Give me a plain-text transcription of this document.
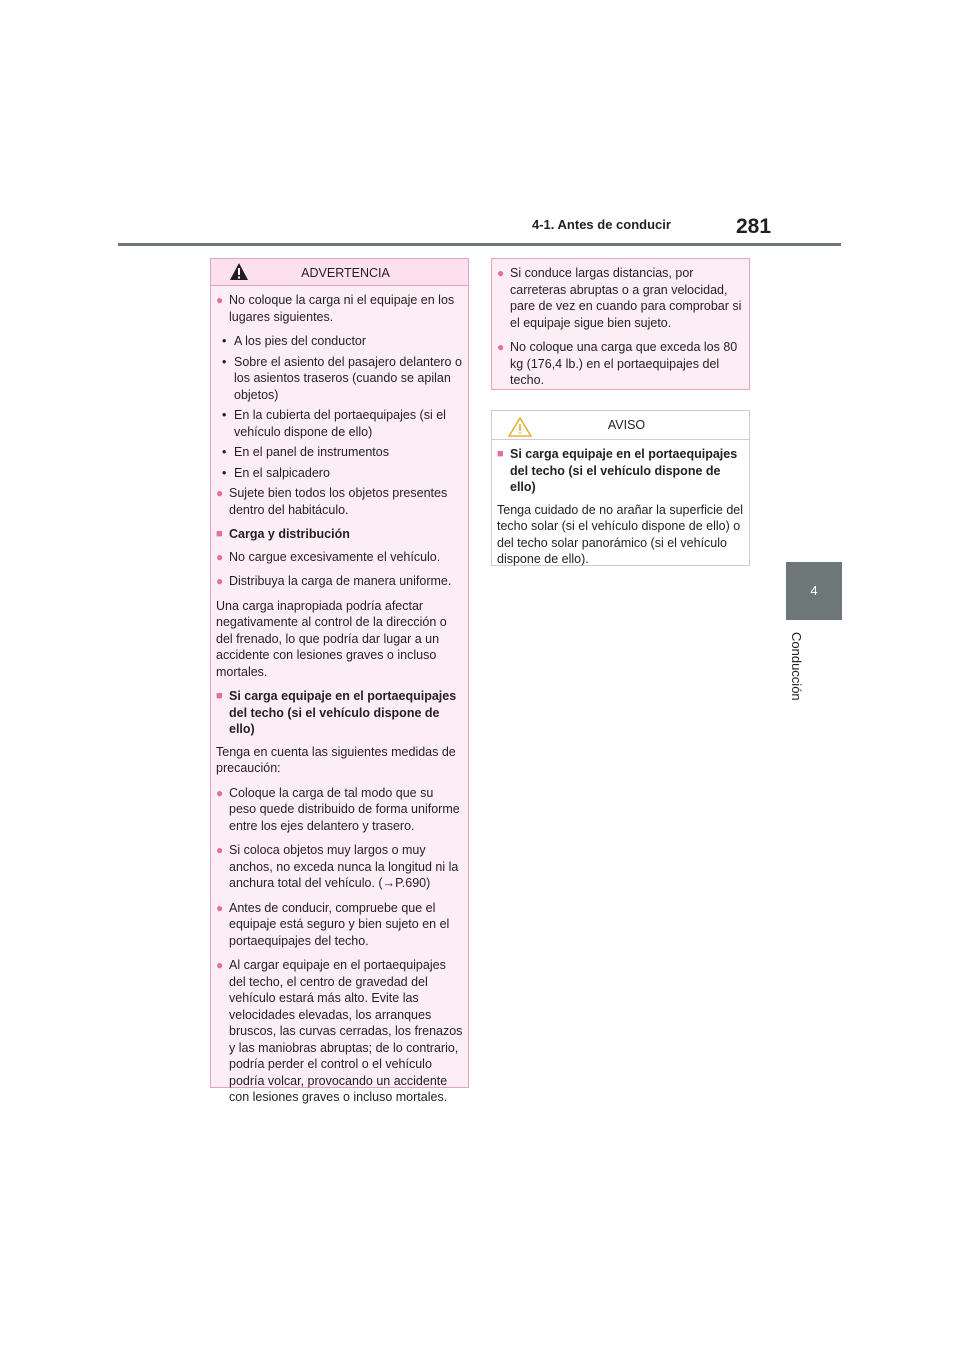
4-1. Antes de conducir	281
4
Conducción
ADVERTENCIA
● No coloque la carga ni el equipaje en los lugares siguientes.
• A los pies del conductor
• Sobre el asiento del pasajero delantero o los asientos traseros (cuando se apilan objetos)
• En la cubierta del portaequipajes (si el vehículo dispone de ello)
• En el panel de instrumentos
• En el salpicadero
● Sujete bien todos los objetos presentes dentro del habitáculo.
■ Carga y distribución
● No cargue excesivamente el vehículo.
● Distribuya la carga de manera uniforme.
Una carga inapropiada podría afectar negativamente al control de la dirección o del frenado, lo que podría dar lugar a un accidente con lesiones graves o incluso mortales.
■ Si carga equipaje en el portaequipajes del techo (si el vehículo dispone de ello)
Tenga en cuenta las siguientes medidas de precaución:
● Coloque la carga de tal modo que su peso quede distribuido de forma uniforme entre los ejes delantero y trasero.
● Si coloca objetos muy largos o muy anchos, no exceda nunca la longitud ni la anchura total del vehículo. (→P.690)
● Antes de conducir, compruebe que el equipaje está seguro y bien sujeto en el portaequipajes del techo.
● Al cargar equipaje en el portaequipajes del techo, el centro de gravedad del vehículo estará más alto. Evite las velocidades elevadas, los arranques bruscos, las curvas cerradas, los frenazos y las maniobras abruptas; de lo contrario, podría perder el control o el vehículo podría volcar, provocando un accidente con lesiones graves o incluso mortales.
● Si conduce largas distancias, por carreteras abruptas o a gran velocidad, pare de vez en cuando para comprobar si el equipaje sigue bien sujeto.
● No coloque una carga que exceda los 80 kg (176,4 lb.) en el portaequipajes del techo.
AVISO
■ Si carga equipaje en el portaequipajes del techo (si el vehículo dispone de ello)
Tenga cuidado de no arañar la superficie del techo solar (si el vehículo dispone de ello) o del techo solar panorámico (si el vehículo dispone de ello).
